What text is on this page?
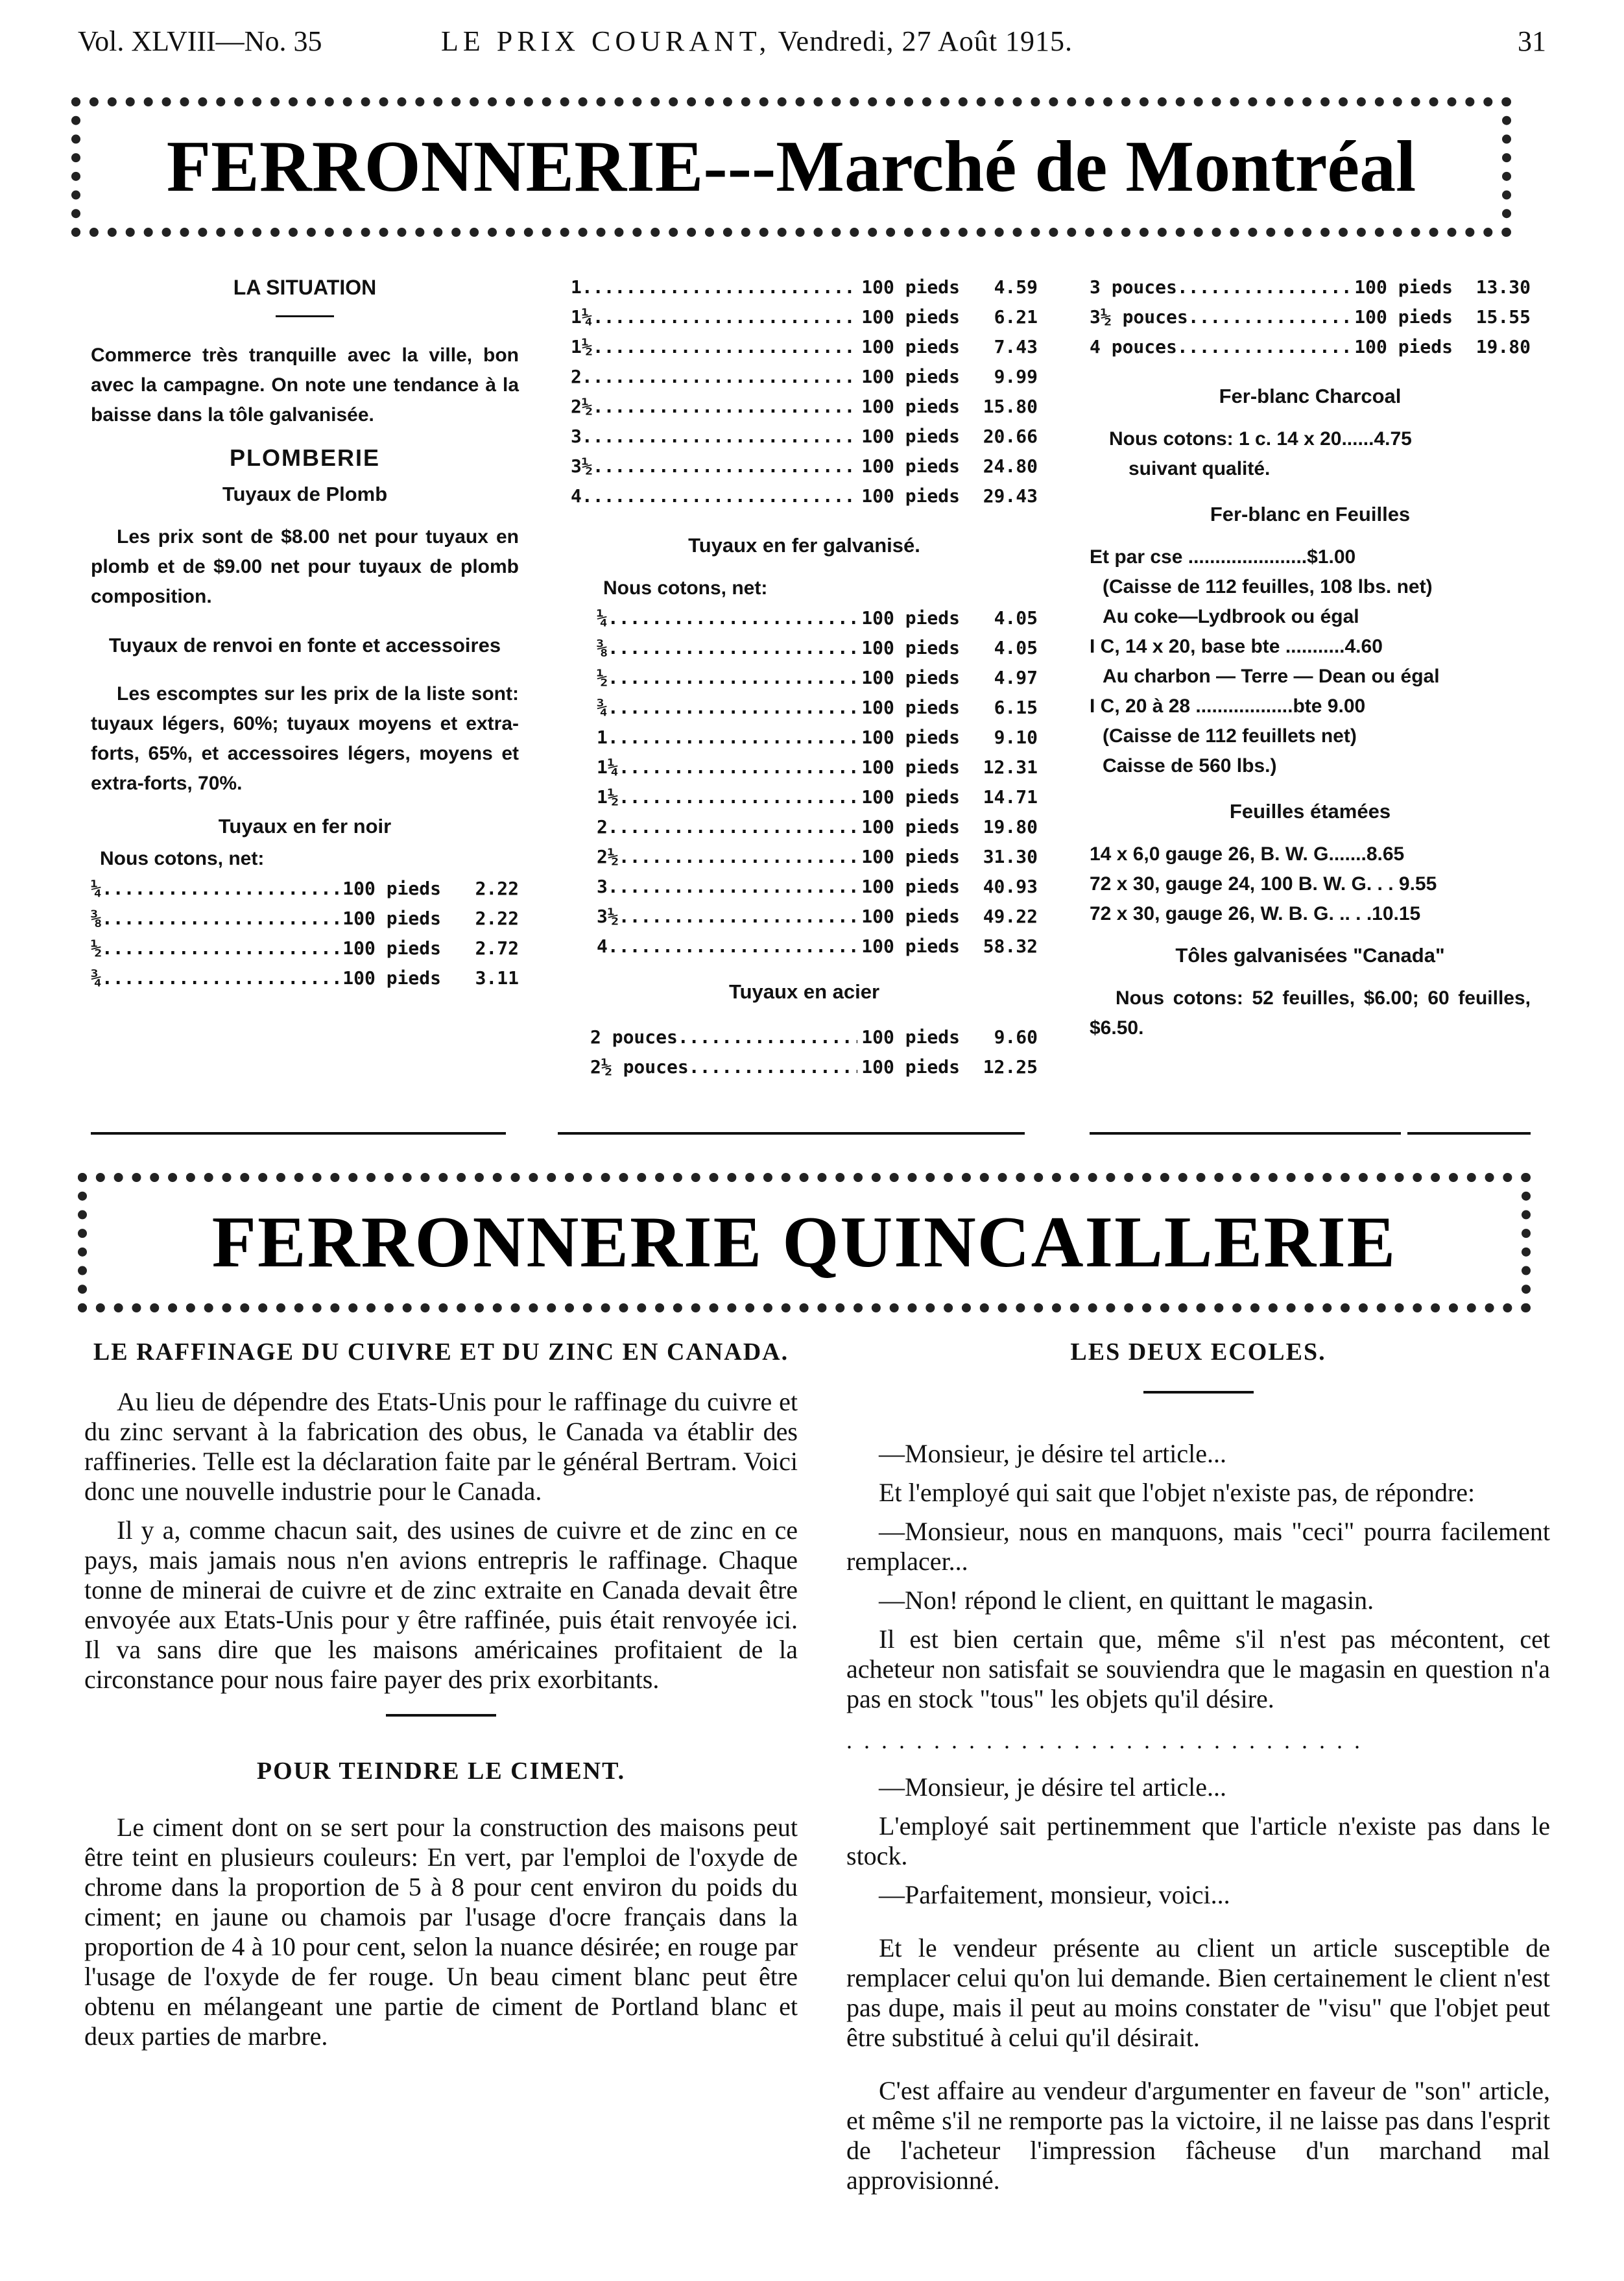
Vol. XLVIII—No. 35	LE PRIX COURANT, Vendredi, 27 Août 1915.	31
FERRONNERIE---Marché de Montréal
LA SITUATION
Commerce très tranquille avec la ville, bon avec la campagne. On note une tendance à la baisse dans la tôle galvanisée.
PLOMBERIE
Tuyaux de Plomb
Les prix sont de $8.00 net pour tuyaux en plomb et de $9.00 net pour tuyaux de plomb composition.
Tuyaux de renvoi en fonte et accessoires
Les escomptes sur les prix de la liste sont: tuyaux légers, 60%; tuyaux moyens et extra-forts, 65%, et accessoires légers, moyens et extra-forts, 70%.
Tuyaux en fer noir
Nous cotons, net:
¼ .....	100 pieds	2.22
⅜ .....	100 pieds	2.22
½ .....	100 pieds	2.72
¾ .....	100 pieds	3.11
1 .....	100 pieds	4.59
1¼ .....	100 pieds	6.21
1½ .....	100 pieds	7.43
2 .....	100 pieds	9.99
2½ .....	100 pieds	15.80
3 .....	100 pieds	20.66
3½ .....	100 pieds	24.80
4 .....	100 pieds	29.43
Tuyaux en fer galvanisé.
Nous cotons, net:
¼ .....	100 pieds	4.05
⅜ .....	100 pieds	4.05
½ .....	100 pieds	4.97
¾ .....	100 pieds	6.15
1 .....	100 pieds	9.10
1¼ .....	100 pieds	12.31
1½ .....	100 pieds	14.71
2 .....	100 pieds	19.80
2½ .....	100 pieds	31.30
3 .....	100 pieds	40.93
3½ .....	100 pieds	49.22
4 .....	100 pieds	58.32
Tuyaux en acier
2 pouces .....	100 pieds	9.60
2½ pouces .....	100 pieds	12.25
3 pouces .....	100 pieds	13.30
3½ pouces .....	100 pieds	15.55
4 pouces .....	100 pieds	19.80
Fer-blanc Charcoal
Nous cotons: 1 c. 14 x 20......4.75
suivant qualité.
Fer-blanc en Feuilles
Et par cse ......................$1.00
(Caisse de 112 feuilles, 108 lbs. net)
Au coke—Lydbrook ou égal
I C, 14 x 20, base bte ...........4.60
Au charbon — Terre — Dean ou égal
I C, 20 à 28 ..................bte 9.00
(Caisse de 112 feuillets net)
Caisse de 560 lbs.)
Feuilles étamées
14 x 6,0 gauge 26, B. W. G.......8.65
72 x 30, gauge 24, 100 B. W. G. . . 9.55
72 x 30, gauge 26, W. B. G. .. . .10.15
Tôles galvanisées "Canada"
Nous cotons: 52 feuilles, $6.00; 60 feuilles, $6.50.
FERRONNERIE QUINCAILLERIE
LE RAFFINAGE DU CUIVRE ET DU ZINC EN CANADA.
Au lieu de dépendre des Etats-Unis pour le raffinage du cuivre et du zinc servant à la fabrication des obus, le Canada va établir des raffineries. Telle est la déclaration faite par le général Bertram. Voici donc une nouvelle industrie pour le Canada.
Il y a, comme chacun sait, des usines de cuivre et de zinc en ce pays, mais jamais nous n'en avions entrepris le raffinage. Chaque tonne de minerai de cuivre et de zinc extraite en Canada devait être envoyée aux Etats-Unis pour y être raffinée, puis était renvoyée ici. Il va sans dire que les maisons américaines profitaient de la circonstance pour nous faire payer des prix exorbitants.
POUR TEINDRE LE CIMENT.
Le ciment dont on se sert pour la construction des maisons peut être teint en plusieurs couleurs: En vert, par l'emploi de l'oxyde de chrome dans la proportion de 5 à 8 pour cent environ du poids du ciment; en jaune ou chamois par l'usage d'ocre français dans la proportion de 4 à 10 pour cent, selon la nuance désirée; en rouge par l'usage de l'oxyde de fer rouge. Un beau ciment blanc peut être obtenu en mélangeant une partie de ciment de Portland blanc et deux parties de marbre.
LES DEUX ECOLES.
—Monsieur, je désire tel article...
Et l'employé qui sait que l'objet n'existe pas, de répondre:
—Monsieur, nous en manquons, mais "ceci" pourra facilement remplacer...
—Non! répond le client, en quittant le magasin.
Il est bien certain que, même s'il n'est pas mécontent, cet acheteur non satisfait se souviendra que le magasin en question n'a pas en stock "tous" les objets qu'il désire.
..............................
—Monsieur, je désire tel article...
L'employé sait pertinemment que l'article n'existe pas dans le stock.
—Parfaitement, monsieur, voici...
Et le vendeur présente au client un article susceptible de remplacer celui qu'on lui demande. Bien certainement le client n'est pas dupe, mais il peut au moins constater de "visu" que l'objet peut être substitué à celui qu'il désirait.
C'est affaire au vendeur d'argumenter en faveur de "son" article, et même s'il ne remporte pas la victoire, il ne laisse pas dans l'esprit de l'acheteur l'impression fâcheuse d'un marchand mal approvisionné.
